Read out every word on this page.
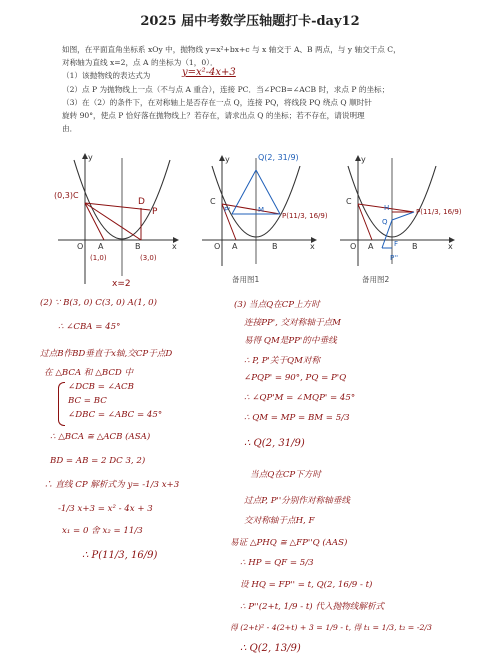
2025 届中考数学压轴题打卡-day12
如图，在平面直角坐标系 xOy 中，抛物线 y=x²+bx+c 与 x 轴交于 A、B 两点，与 y 轴交于点 C，
对称轴为直线 x=2，点 A 的坐标为（1，0）．
（1）该抛物线的表达式为	y=x²-4x+3
（2）点 P 为抛物线上一点（不与点 A 重合），连接 PC．当∠PCB=∠ACB 时，求点 P 的坐标；
（3）在（2）的条件下，在对称轴上是否存在一点 Q，连接 PQ，将线段 PQ 绕点 Q 顺时针
旋转 90°，使点 P 恰好落在抛物线上？若存在，请求出点 Q 的坐标；若不存在，请说明理
由．
(0,3)C
D
P
O A	B	x
y
(1,0)	(3,0)
x=2
Q(2, 31/9)
P(11/3, 16/9)
C
M
P'
O A	B	x
y
备用图1
P(11/3, 16/9)
C
H
Q
F
P''
O A	B	x
y
备用图2
(2) ∵ B(3, 0) C(3, 0) A(1, 0)
∴ ∠CBA = 45°
过点B作BD垂直于x轴,交CP于点D
在 △BCA 和 △BCD 中
∠DCB = ∠ACB
BC = BC
∠DBC = ∠ABC = 45°
∴ △BCA ≅ △ACB (ASA)
BD = AB = 2 DC 3, 2)
∴ 直线 CP 解析式为 y= -1/3 x+3
-1/3 x+3 = x² - 4x + 3
x₁ = 0 舍 x₂ = 11/3
∴ P(11/3, 16/9)
(3) 当点Q在CP上方时
连接PP', 交对称轴于点M
易得 QM是PP'的中垂线
∴ P, P'关于QM对称
∠PQP' = 90°, PQ = P'Q
∴ ∠QP'M = ∠MQP' = 45°
∴ QM = MP = BM = 5/3
∴ Q(2, 31/9)
当点Q在CP下方时
过点P, P''分别作对称轴垂线
交对称轴于点H, F
易证 △PHQ ≅ △FP''Q (AAS)
∴ HP = QF = 5/3
设 HQ = FP'' = t, Q(2, 16/9 - t)
∴ P''(2+t, 1/9 - t) 代入抛物线解析式
得 (2+t)² - 4(2+t) + 3 = 1/9 - t, 得 t₁ = 1/3, t₂ = -2/3
∴ Q(2, 13/9)
